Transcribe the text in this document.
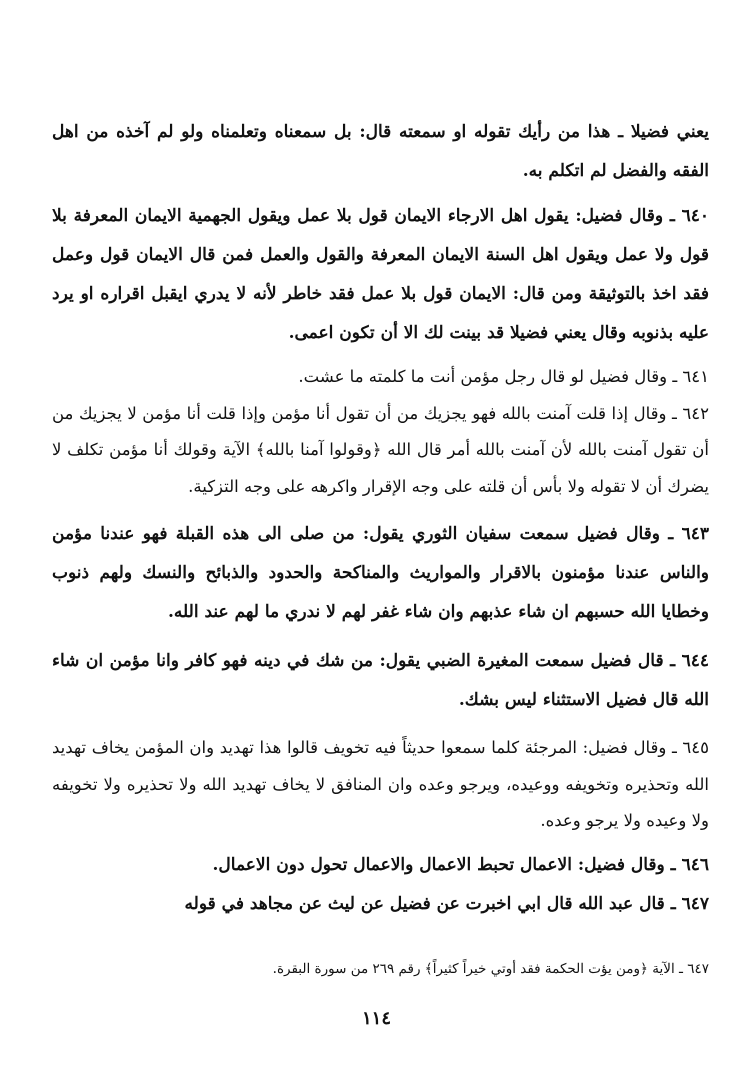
يعني فضيلا ـ هذا من رأيك تقوله او سمعته قال: بل سمعناه وتعلمناه ولو لم آخذه من اهل الفقه والفضل لم اتكلم به.

٦٤٠ ـ وقال فضيل: يقول اهل الارجاء الايمان قول بلا عمل ويقول الجهمية الايمان المعرفة بلا قول ولا عمل ويقول اهل السنة الايمان المعرفة والقول والعمل فمن قال الايمان قول وعمل فقد اخذ بالتوثيقة ومن قال: الايمان قول بلا عمل فقد خاطر لأنه لا يدري ايقبل اقراره او يرد عليه بذنوبه وقال يعني فضيلا قد بينت لك الا أن تكون اعمى.

٦٤١ ـ وقال فضيل لو قال رجل مؤمن أنت ما كلمته ما عشت.

٦٤٢ ـ وقال إذا قلت آمنت بالله فهو يجزيك من أن تقول أنا مؤمن وإذا قلت أنا مؤمن لا يجزيك من أن تقول آمنت بالله لأن آمنت بالله أمر قال الله ﴿وقولوا آمنا بالله﴾ الآية وقولك أنا مؤمن تكلف لا يضرك أن لا تقوله ولا بأس أن قلته على وجه الإقرار واكرهه على وجه التزكية.

٦٤٣ ـ وقال فضيل سمعت سفيان الثوري يقول: من صلى الى هذه القبلة فهو عندنا مؤمن والناس عندنا مؤمنون بالاقرار والمواريث والمناكحة والحدود والذبائح والنسك ولهم ذنوب وخطايا الله حسبهم ان شاء عذبهم وان شاء غفر لهم لا ندري ما لهم عند الله.

٦٤٤ ـ قال فضيل سمعت المغيرة الضبي يقول: من شك في دينه فهو كافر وانا مؤمن ان شاء الله قال فضيل الاستثناء ليس بشك.

٦٤٥ ـ وقال فضيل: المرجئة كلما سمعوا حديثاً فيه تخويف قالوا هذا تهديد وان المؤمن يخاف تهديد الله وتحذيره وتخويفه ووعيده، ويرجو وعده وان المنافق لا يخاف تهديد الله ولا تحذيره ولا تخويفه ولا وعيده ولا يرجو وعده.

٦٤٦ ـ وقال فضيل: الاعمال تحبط الاعمال والاعمال تحول دون الاعمال.

٦٤٧ ـ قال عبد الله قال ابي اخبرت عن فضيل عن ليث عن مجاهد في قوله

٦٤٧ ـ الآية ﴿ومن يؤت الحكمة فقد أوتي خيراً كثيراً﴾ رقم ٢٦٩ من سورة البقرة.
١١٤
